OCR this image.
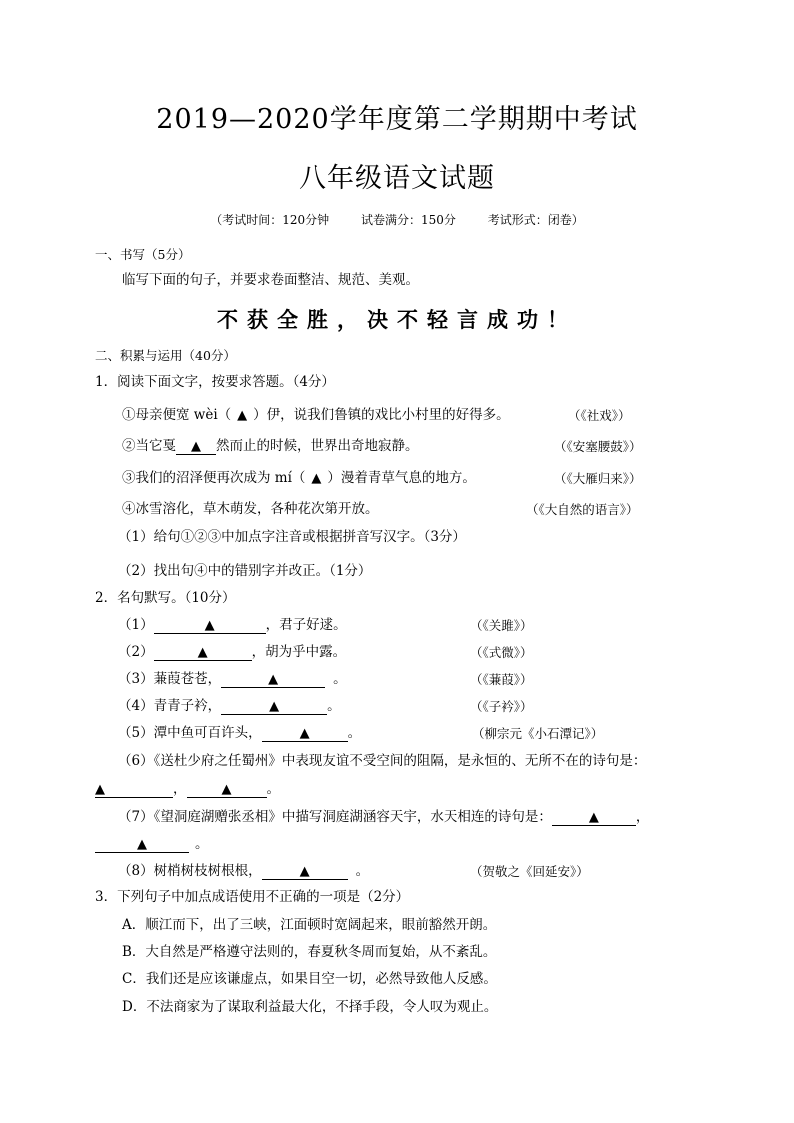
2019—2020学年度第二学期期中考试
八年级语文试题
（考试时间：120分钟	试卷满分：150分	考试形式：闭卷）
一、书写（5分）
临写下面的句子，并要求卷面整洁、规范、美观。
不获全胜，决不轻言成功！
二、积累与运用（40分）
1．阅读下面文字，按要求答题。（4分）
①母亲便宽 wèi（ ▲ ）伊，说我们鲁镇的戏比小村里的好得多。	（《社戏》）
②当它戛 ▲ 然而止的时候，世界出奇地寂静。	（《安塞腰鼓》）
③我们的沼泽便再次成为 mí（ ▲ ）漫着青草气息的地方。	（《大雁归来》）
④冰雪溶化，草木萌发，各种花次第开放。	（《大自然的语言》）
（1）给句①②③中加点字注音或根据拼音写汉字。（3分）
（2）找出句④中的错别字并改正。（1分）
2．名句默写。（10分）
（1）	▲	，君子好逑。	（《关雎》）
（2）	▲	，胡为乎中露。	（《式微》）
（3）蒹葭苍苍，	▲	。	（《蒹葭》）
（4）青青子衿，	▲	。	（《子衿》）
（5）潭中鱼可百许头，	▲	。	（柳宗元《小石潭记》）
（6）《送杜少府之任蜀州》中表现友谊不受空间的阻隔，是永恒的、无所不在的诗句是：
▲	，	▲	。
（7）《望洞庭湖赠张丞相》中描写洞庭湖涵容天宇，水天相连的诗句是：	▲	，
▲	。
（8）树梢树枝树根根，	▲	。	（贺敬之《回延安》）
3．下列句子中加点成语使用不正确的一项是（2分）
A．顺江而下，出了三峡，江面顿时宽阔起来，眼前豁然开朗。
B．大自然是严格遵守法则的，春夏秋冬周而复始，从不紊乱。
C．我们还是应该谦虚点，如果目空一切，必然导致他人反感。
D．不法商家为了谋取利益最大化，不择手段，令人叹为观止。
